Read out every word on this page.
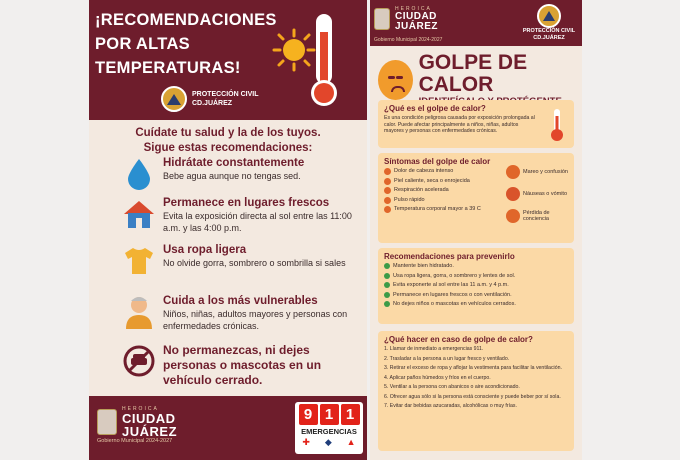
¡RECOMENDACIONES POR ALTAS TEMPERATURAS!
PROTECCIÓN CIVIL
CD.JUÁREZ
Cuídate tu salud y la de los tuyos.
Sigue estas recomendaciones:
Hidrátate constantemente

Bebe agua aunque no tengas sed.

Permanece en lugares frescos

Evita la exposición directa al sol entre las 11:00 a.m. y las 4:00 p.m.

Usa ropa ligera

No olvide gorra, sombrero o sombrilla si sales

Cuida a los más vulnerables

Niños, niñas, adultos mayores y personas con enfermedades crónicas.

No permanezcas, ni dejes personas o mascotas en un vehículo cerrado.
HEROICA
CIUDAD JUÁREZ
Gobierno Municipal 2024-2027
9 1 1
EMERGENCIAS
✚ ◆ ▲
HEROICA
CIUDAD JUÁREZ
Gobierno Municipal 2024-2027
PROTECCIÓN CIVIL
CD.JUÁREZ
GOLPE DE CALOR
¿Qué es el golpe de calor?

Es una condición peligrosa causada por exposición prolongada al calor. Puede afectar principalmente a niños, niñas, adultos mayores y personas con enfermedades crónicas.

Síntomas del golpe de calor
Dolor de cabeza intenso
Piel caliente, seca o enrojecida
Respiración acelerada
Pulso rápido
Temperatura corporal mayor a 39 C
Mareo y confusión
Náuseas o vómito
Pérdida de conciencia
Recomendaciones para prevenirlo
Mantente bien hidratado.
Usa ropa ligera, gorra, o sombrero y lentes de sol.
Evita exponerte al sol entre las 11 a.m. y 4 p.m.
Permanece en lugares frescos o con ventilación.
No dejes niños o mascotas en vehículos cerrados.
¿Qué hacer en caso de golpe de calor?

1. Llamar de inmediato a emergencias 911.

2. Trasladar a la persona a un lugar fresco y ventilado.

3. Retirar el exceso de ropa y aflojar la vestimenta para facilitar la ventilación.

4. Aplicar paños húmedos y fríos en el cuerpo.

5. Ventilar a la persona con abanicos o aire acondicionado.

6. Ofrecer agua sólo si la persona está consciente y puede beber por sí sola.

7. Evitar dar bebidas azucaradas, alcohólicas o muy frías.
